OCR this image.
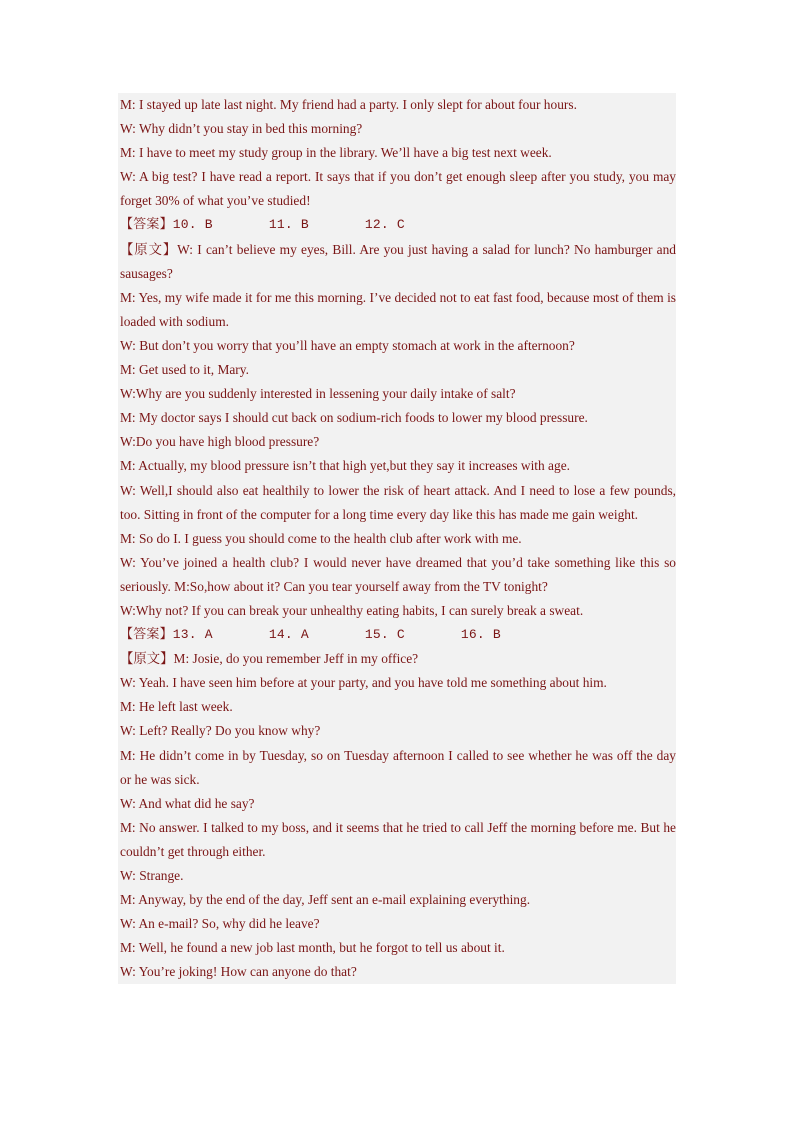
M: I stayed up late last night. My friend had a party. I only slept for about four hours.

W: Why didn’t you stay in bed this morning?

M: I have to meet my study group in the library. We’ll have a big test next week.

W: A big test? I have read a report. It says that if you don’t get enough sleep after you study, you may forget 30% of what you’ve studied!

【答案】10. B       11. B       12. C

【原文】W: I can’t believe my eyes, Bill. Are you just having a salad for lunch? No hamburger and sausages?

M: Yes, my wife made it for me this morning. I’ve decided not to eat fast food, because most of them is loaded with sodium.

W: But don’t you worry that you’ll have an empty stomach at work in the afternoon?

M: Get used to it, Mary.

W:Why are you suddenly interested in lessening your daily intake of salt?

M: My doctor says I should cut back on sodium-rich foods to lower my blood pressure.

W:Do you have high blood pressure?

M: Actually, my blood pressure isn’t that high yet,but they say it increases with age.

W: Well,I should also eat healthily to lower the risk of heart attack. And I need to lose a few pounds, too. Sitting in front of the computer for a long time every day like this has made me gain weight.

M: So do I. I guess you should come to the health club after work with me.

W: You’ve joined a health club? I would never have dreamed that you’d take something like this so seriously. M:So,how about it? Can you tear yourself away from the TV tonight?

W:Why not? If you can break your unhealthy eating habits, I can surely break a sweat.

【答案】13. A       14. A       15. C       16. B

【原文】M: Josie, do you remember Jeff in my office?

W: Yeah. I have seen him before at your party, and you have told me something about him.

M: He left last week.

W: Left? Really? Do you know why?

M: He didn’t come in by Tuesday, so on Tuesday afternoon I called to see whether he was off the day or he was sick.

W: And what did he say?

M: No answer. I talked to my boss, and it seems that he tried to call Jeff the morning before me. But he couldn’t get through either.

W: Strange.

M: Anyway, by the end of the day, Jeff sent an e-mail explaining everything.

W: An e-mail? So, why did he leave?

M: Well, he found a new job last month, but he forgot to tell us about it.

W: You’re joking! How can anyone do that?
